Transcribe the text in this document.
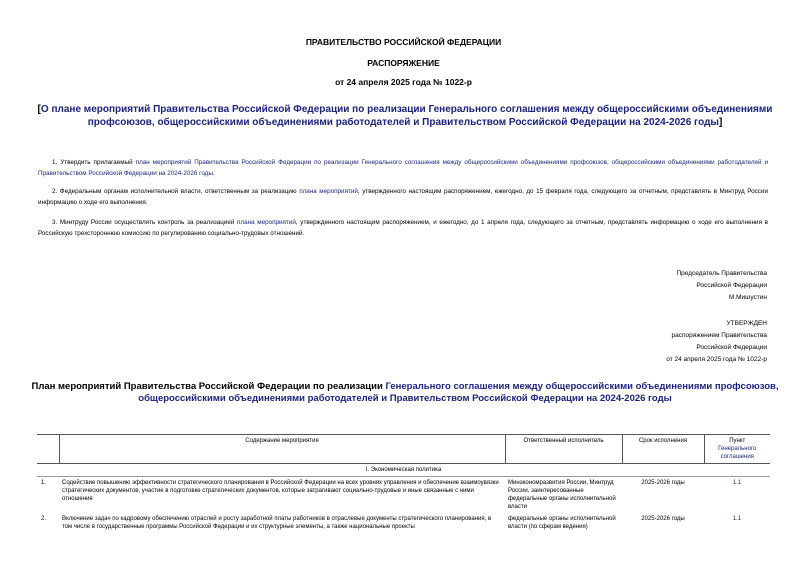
ПРАВИТЕЛЬСТВО РОССИЙСКОЙ ФЕДЕРАЦИИ
РАСПОРЯЖЕНИЕ
от 24 апреля 2025 года № 1022-р
[О плане мероприятий Правительства Российской Федерации по реализации Генерального соглашения между общероссийскими объединениями профсоюзов, общероссийскими объединениями работодателей и Правительством Российской Федерации на 2024-2026 годы]
1. Утвердить прилагаемый план мероприятий Правительства Российской Федерации по реализации Генерального соглашения между общероссийскими объединениями профсоюзов, общероссийскими объединениями работодателей и Правительством Российской Федерации на 2024-2026 годы.
2. Федеральным органам исполнительной власти, ответственным за реализацию плана мероприятий, утвержденного настоящим распоряжением, ежегодно, до 15 февраля года, следующего за отчетным, представлять в Минтруд России информацию о ходе его выполнения.
3. Минтруду России осуществлять контроль за реализацией плана мероприятий, утвержденного настоящим распоряжением, и ежегодно, до 1 апреля года, следующего за отчетным, представлять информацию о ходе его выполнения в Российскую трехстороннюю комиссию по регулированию социально-трудовых отношений.
Председатель Правительства
Российской Федерации
М.Мишустин
УТВЕРЖДЕН
распоряжением Правительства
Российской Федерации
от 24 апреля 2025 года № 1022-р
План мероприятий Правительства Российской Федерации по реализации Генерального соглашения между общероссийскими объединениями профсоюзов, общероссийскими объединениями работодателей и Правительством Российской Федерации на 2024-2026 годы
	Содержание мероприятия	Ответственный исполнитель	Срок исполнения	Пункт
Генерального соглашения

I. Экономическая политика				
1.	Содействие повышению эффективности стратегического планирования в Российской Федерации на всех уровнях управления и обеспечение взаимоувязки стратегических документов, участие в подготовке стратегических документов, которые затрагивают социально-трудовые и иные связанные с ними отношения	Минэкономразвития России, Минтруд России, заинтересованные федеральные органы исполнительной власти	2025-2026 годы	1.1
2.	Включение задач по кадровому обеспечению отраслей и росту заработной платы работников в отраслевые документы стратегического планирования, в том числе в государственные программы Российской Федерации и их структурные элементы, а также национальные проекты	федеральные органы исполнительной власти (по сферам ведения)	2025-2026 годы	1.1
